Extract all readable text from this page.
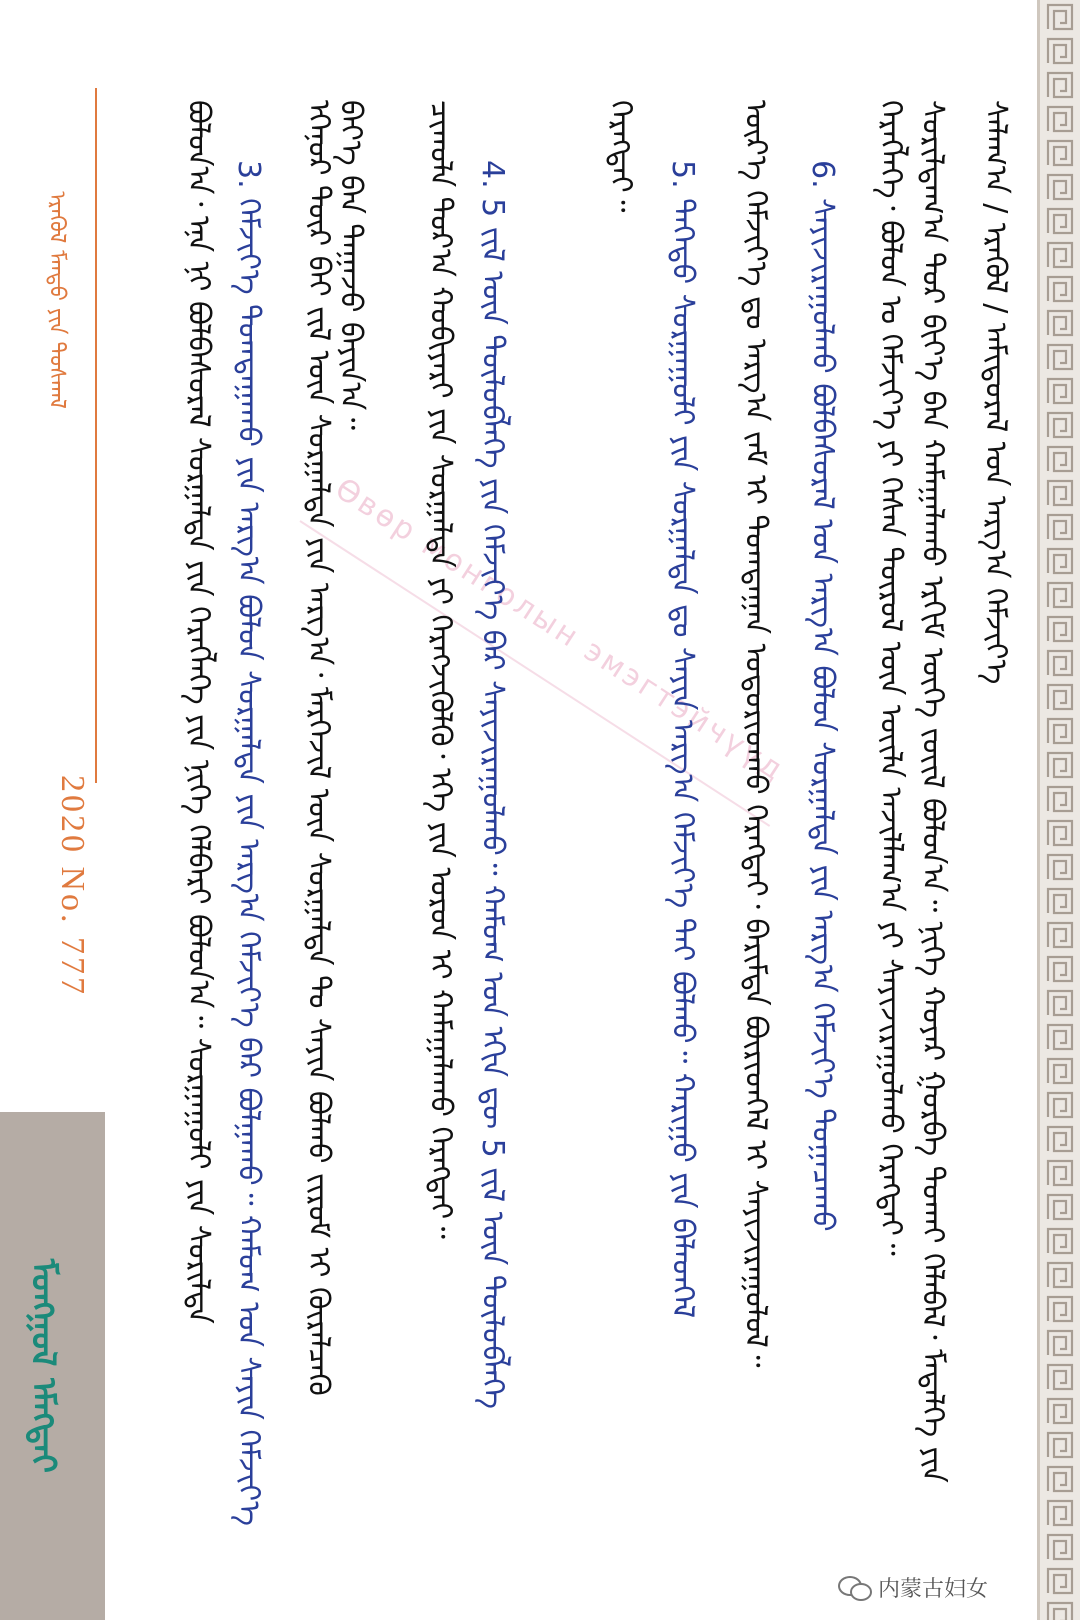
ᠡᠷᠡᠭᠦᠯ ᠮᠡᠨᠳᠦ ᠶᠢᠨ ᠲᠤᠰᠬᠠᠯ
2020 No. 777
Өвөр монголын эмэгтэйчүүд	ᠰᠠᠯᠠᠭ᠎ᠠ / ᠡᠷᠡᠭᠦᠯ / ᠠᠮᠢᠳᠤᠷᠠᠯ ᠤᠨ ᠠᠷᠭ᠎ᠠ ᠬᠡᠮᠵᠢᠶ᠎ᠡ
ᠰᠣᠷᠢᠯᠳᠠᠭ᠎ᠠ ᠳᠤᠷ ᠪᠢᠶ᠎ᠡ ᠪᠡᠨ ᠬᠠᠮᠠᠭᠠᠯᠠᠬᠤ ᠡᠷᠬᠢᠮ ᠦᠭᠡ ᠵᠦᠢᠯ ᠪᠣᠯᠤᠨ᠎ᠠ᠃ ᠨᠢᠭᠡ ᠬᠣᠶᠠᠷ ᠭᠤᠷᠪᠠ ᠲᠤᠬᠠᠢ ᠬᠡᠯᠡᠪᠡᠯ᠂ ᠮᠡᠳᠡᠯᠭᠡ ᠶᠢᠨ
ᠬᠡᠷᠡᠭᠯᠡᠭᠡ᠂ ᠪᠣᠯᠤᠨ ᠤ ᠬᠡᠮᠵᠢᠶ᠎ᠡ ᠶᠢ ᠭᠡᠰᠡᠨ ᠲᠥᠷᠥᠯ ᠦᠨ ᠦᠢᠯᠡ ᠠᠵᠢᠯᠯᠠᠭ᠎ᠠ ᠶᠢ ᠰᠠᠶᠢᠵᠢᠷᠠᠭᠤᠯᠬᠤ ᠬᠡᠷᠡᠭᠲᠡᠢ᠃
6. ᠰᠠᠶᠢᠵᠢᠷᠠᠭᠤᠯᠬᠤ ᠪᠣᠯᠪᠠᠰᠤᠷᠠᠯ ᠤᠨ ᠠᠷᠭ᠎ᠠ ᠪᠣᠯᠤᠨ ᠰᠤᠷᠭᠠᠯᠳᠠ ᠶᠢᠨ ᠠᠷᠭ᠎ᠠ ᠬᠡᠮᠵᠢᠶ᠎ᠡ ᠲᠣᠭᠠᠴᠠᠬᠤ
ᠦᠷ᠎ᠡ ᠬᠡᠮᠵᠢᠶ᠎ᠡ ᠳᠤ ᠠᠷᠭ᠎ᠠ ᠵᠠᠮ ᠢ ᠲᠣᠭᠲᠠᠭᠠᠨ ᠤᠳᠤᠷᠢᠳᠬᠤ ᠬᠡᠷᠡᠭᠲᠡᠢ᠂ ᠪᠠᠷᠢᠮᠲᠠ ᠪᠦᠷᠢᠳᠬᠡᠯ ᠢ ᠰᠠᠶᠢᠵᠢᠷᠠᠭᠤᠯᠤᠯ᠃
5. ᠳᠡᠭᠡᠳᠦ ᠰᠤᠷᠭᠠᠭᠤᠯᠢ ᠶᠢᠨ ᠰᠤᠷᠭᠠᠯᠳᠠ ᠳᠤ ᠰᠠᠶᠢᠨ ᠠᠷᠭ᠎ᠠ ᠬᠡᠮᠵᠢᠶ᠎ᠡ ᠲᠡᠢ ᠪᠣᠯᠬᠤ᠃ ᠬᠠᠷᠢᠭᠤ ᠶᠢᠨ ᠪᠡᠯᠡᠳᠬᠡᠯ
ᠬᠡᠷᠡᠭᠲᠡᠢ᠃
4. 5 ᠵᠢᠯ ᠦᠨ ᠲᠥᠯᠥᠪᠯᠡᠭᠡ ᠶᠢᠨ ᠬᠡᠮᠵᠢᠶ᠎ᠡ ᠪᠡᠷ ᠰᠠᠶᠢᠵᠢᠷᠠᠭᠤᠯᠬᠤ᠃ ᠬᠠᠮᠤᠭ ᠤᠨ ᠡᠬᠢᠨ ᠳᠦ 5 ᠵᠢᠯ ᠦᠨ ᠲᠥᠯᠥᠪᠯᠡᠭᠡ
ᠴᠢᠬᠤᠯᠠ ᠳᠤᠷ᠎ᠠ ᠬᠤᠪᠢᠶᠠᠷᠢ ᠶᠢᠨ ᠰᠤᠷᠭᠠᠯᠳᠠ ᠶᠢ ᠬᠡᠷᠡᠭᠵᠢᠭᠦᠯᠬᠦ᠂ ᠡᠬᠡ ᠶᠢᠨ ᠣᠷᠣᠨ ᠢ ᠬᠠᠮᠠᠭᠠᠯᠠᠬᠤ ᠬᠡᠷᠡᠭᠲᠡᠢ᠃
ᠪᠡᠶ᠎ᠡ ᠪᠡᠨ ᠳᠠᠭᠠᠵᠤ ᠪᠠᠶᠢᠨ᠎ᠠ᠃
ᠡᠬᠡᠨᠦᠷ ᠲᠦᠷ ᠪᠠᠢ ᠵᠢᠯ ᠦᠨ ᠰᠤᠷᠭᠠᠯᠳᠠ ᠶᠢᠨ ᠠᠷᠭ᠎ᠠ᠂ ᠮᠡᠷᠭᠡᠵᠢᠯ ᠦᠨ ᠰᠤᠷᠭᠠᠯᠳᠠ ᠲᠤ ᠰᠠᠶᠢᠨ ᠪᠣᠯᠬᠤ ᠵᠢᠷᠤᠮ ᠢ ᠬᠦᠷᠡᠯᠴᠡᠬᠦ
3. ᠬᠡᠮᠵᠢᠶ᠎ᠡ ᠲᠣᠭᠲᠠᠭᠠᠬᠤ ᠶᠢᠨ ᠠᠷᠭ᠎ᠠ ᠪᠣᠯᠤᠨ ᠰᠤᠷᠭᠠᠯᠳᠠ ᠶᠢᠨ ᠠᠷᠭ᠎ᠠ ᠬᠡᠮᠵᠢᠶ᠎ᠡ ᠪᠡᠷ ᠪᠣᠯᠭᠠᠬᠤ᠃ ᠬᠠᠮᠤᠭ ᠤᠨ ᠰᠠᠶᠢᠨ ᠬᠡᠮᠵᠢᠶ᠎ᠡ
ᠪᠣᠯᠤᠨ᠎ᠠ᠂ ᠡᠨᠡ ᠨᠢ ᠪᠣᠯᠪᠠᠰᠤᠷᠠᠯ ᠰᠤᠷᠭᠠᠯᠳᠠ ᠶᠢᠨ ᠬᠡᠷᠡᠭᠯᠡᠭᠡ ᠶᠢᠨ ᠨᠢᠭᠡ ᠬᠡᠯᠪᠡᠷᠢ ᠪᠣᠯᠤᠨ᠎ᠠ᠃ ᠰᠤᠷᠭᠠᠭᠤᠯᠢ ᠶᠢᠨ ᠰᠣᠷᠢᠯᠲᠠ
ᠮᠣᠩᠭᠣᠯ ᠡᠮᠡᠭᠲᠡᠢ
内蒙古妇女
